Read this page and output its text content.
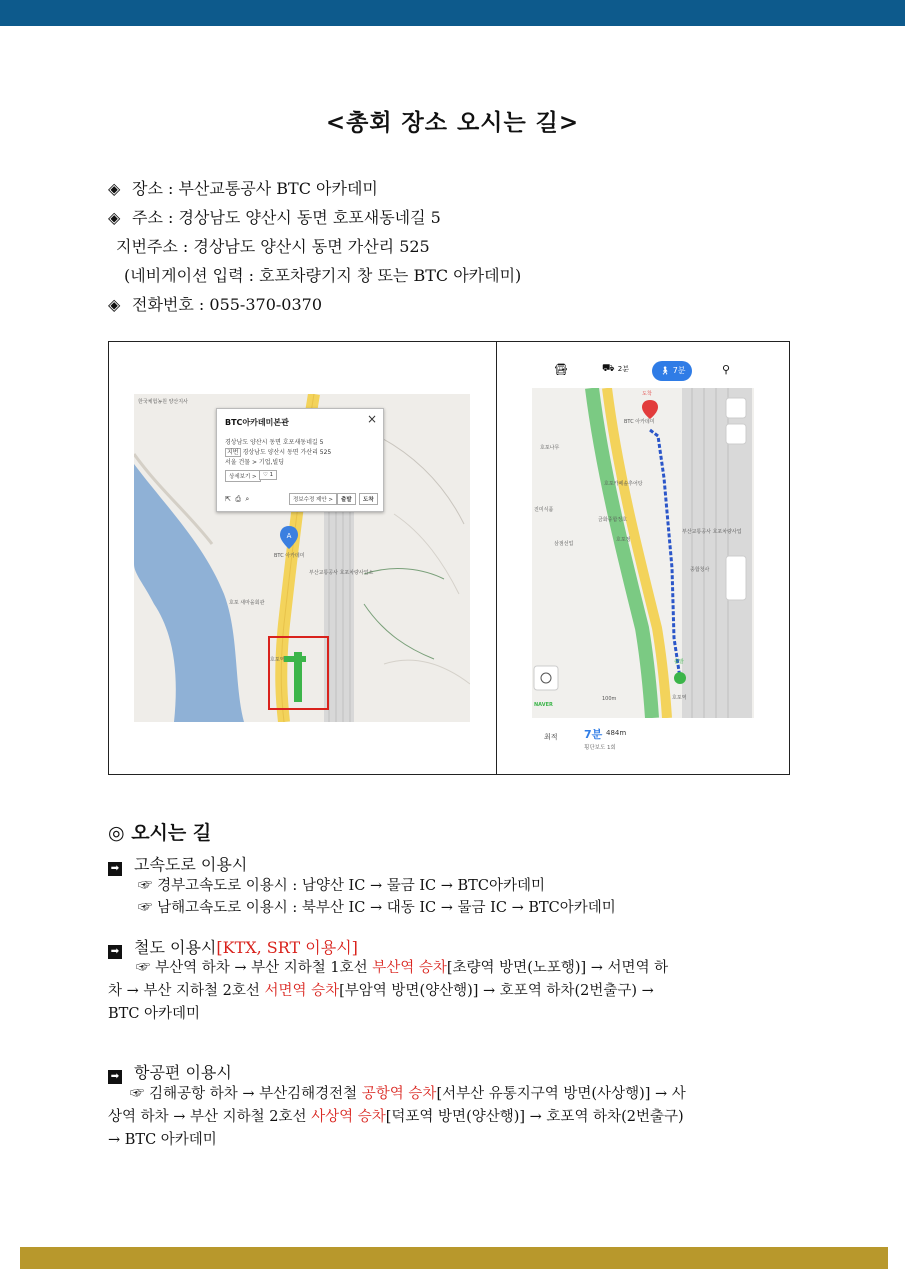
<총회 장소 오시는 길>
◈ 장소 : 부산교통공사 BTC 아카데미
◈ 주소 : 경상남도 양산시 동면 호포새동네길 5
지번주소 : 경상남도 양산시 동면 가산리 525
(네비게이션 입력 : 호포차량기지 창 또는 BTC 아카데미)
◈ 전화번호 : 055-370-0370
A
BTC아카데미본관	×
경상남도 양산시 동면 호포새동네길 5
지번 경상남도 양산시 동면 가산리 525
서울 건물 > 기업,빌딩
상세보기 >	♡ 1
⇱  ⎙  ⌕	정보수정 제안 >	출발	도착
BTC 아카데미
호포 새마을회관
부산교통공사 호포차량사업소
한국체험농원 양산지사
호포역
🚍︎	⛟ 2분	🚶︎ 7분	⚲
도착
출발
BTC 아카데미
호포나무
호포카페솔추어탕
금화종합정호
호포정
부산교통공사 호포차량사업
종합청사
호포역
삼점선업
진미식품
NAVER
100m
최적 7분 484m
횡단보도 1회
◎ 오시는 길
➡ 고속도로 이용시
☞ 경부고속도로 이용시 : 남양산 IC → 물금 IC → BTC아카데미
☞ 남해고속도로 이용시 : 북부산 IC → 대동 IC → 물금 IC → BTC아카데미
➡ 철도 이용시[KTX, SRT 이용시]
☞ 부산역 하차 → 부산 지하철 1호선 부산역 승차[초량역 방면(노포행)] → 서면역 하
차 → 부산 지하철 2호선 서면역 승차[부암역 방면(양산행)] → 호포역 하차(2번출구) →
BTC 아카데미
➡ 항공편 이용시
☞ 김해공항 하차 → 부산김해경전철 공항역 승차[서부산 유통지구역 방면(사상행)] → 사
상역 하차 → 부산 지하철 2호선 사상역 승차[덕포역 방면(양산행)] → 호포역 하차(2번출구)
→ BTC 아카데미
